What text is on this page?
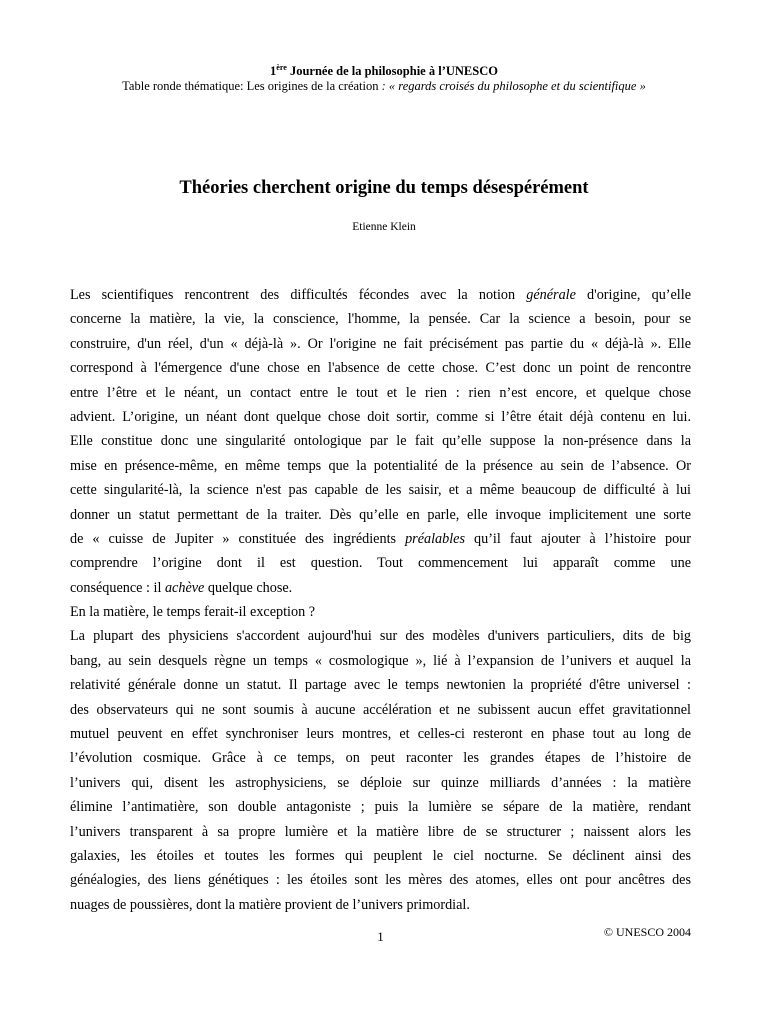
1ère Journée de la philosophie à l’UNESCO
Table ronde thématique: Les origines de la création : « regards croisés du philosophe et du scientifique »
Théories cherchent origine du temps désespérément
Etienne Klein
Les scientifiques rencontrent des difficultés fécondes avec la notion générale d'origine, qu’elle
concerne la matière, la vie, la conscience, l'homme, la pensée. Car la science a besoin, pour se
construire, d'un réel, d'un « déjà-là ». Or l'origine ne fait précisément pas partie du « déjà-là ». Elle
correspond à l'émergence d'une chose en l'absence de cette chose. C’est donc un point de rencontre
entre l’être et le néant, un contact entre le tout et le rien : rien n’est encore, et quelque chose
advient. L’origine, un néant dont quelque chose doit sortir, comme si l’être était déjà contenu en lui.
Elle constitue donc une singularité ontologique par le fait qu’elle suppose la non-présence dans la
mise en présence-même, en même temps que la potentialité de la présence au sein de l’absence. Or
cette singularité-là, la science n'est pas capable de les saisir, et a même beaucoup de difficulté à lui
donner un statut permettant de la traiter. Dès qu’elle en parle, elle invoque implicitement une sorte
de « cuisse de Jupiter » constituée des ingrédients préalables qu’il faut ajouter à l’histoire pour
comprendre l’origine dont il est question. Tout commencement lui apparaît comme une
conséquence : il achève quelque chose.
En la matière, le temps ferait-il exception ?
La plupart des physiciens s'accordent aujourd'hui sur des modèles d'univers particuliers, dits de big
bang, au sein desquels règne un temps « cosmologique », lié à l’expansion de l’univers et auquel la
relativité générale donne un statut. Il partage avec le temps newtonien la propriété d'être universel :
des observateurs qui ne sont soumis à aucune accélération et ne subissent aucun effet gravitationnel
mutuel peuvent en effet synchroniser leurs montres, et celles-ci resteront en phase tout au long de
l’évolution cosmique. Grâce à ce temps, on peut raconter les grandes étapes de l’histoire de
l’univers qui, disent les astrophysiciens, se déploie sur quinze milliards d’années : la matière
élimine l’antimatière, son double antagoniste ; puis la lumière se sépare de la matière, rendant
l’univers transparent à sa propre lumière et la matière libre de se structurer ; naissent alors les
galaxies, les étoiles et toutes les formes qui peuplent le ciel nocturne. Se déclinent ainsi des
généalogies, des liens génétiques : les étoiles sont les mères des atomes, elles ont pour ancêtres des
nuages de poussières, dont la matière provient de l’univers primordial.
1	© UNESCO 2004
